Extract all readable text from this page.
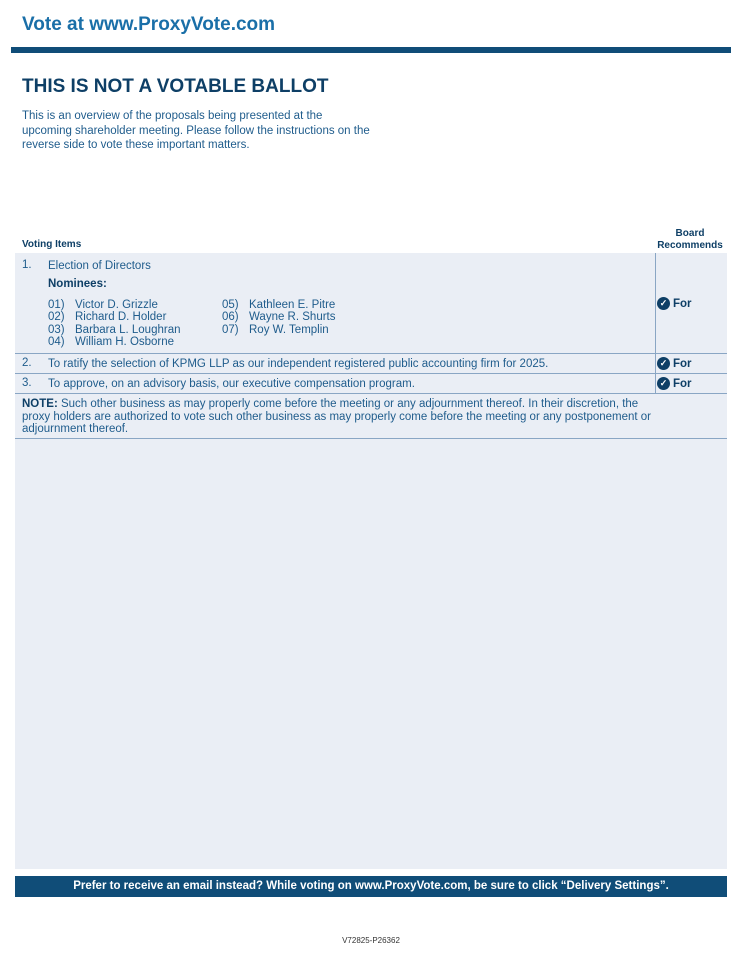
Vote at www.ProxyVote.com
THIS IS NOT A VOTABLE BALLOT
This is an overview of the proposals being presented at the upcoming shareholder meeting. Please follow the instructions on the reverse side to vote these important matters.
Voting Items
Board
Recommends
1. Election of Directors
Nominees:
01) Victor D. Grizzle
02) Richard D. Holder
03) Barbara L. Loughran
04) William H. Osborne
05) Kathleen E. Pitre
06) Wayne R. Shurts
07) Roy W. Templin
✓ For
2. To ratify the selection of KPMG LLP as our independent registered public accounting firm for 2025.	✓ For
3. To approve, on an advisory basis, our executive compensation program.	✓ For
NOTE: Such other business as may properly come before the meeting or any adjournment thereof. In their discretion, the proxy holders are authorized to vote such other business as may properly come before the meeting or any postponement or adjournment thereof.
Prefer to receive an email instead? While voting on www.ProxyVote.com, be sure to click “Delivery Settings”.
V72825-P26362
